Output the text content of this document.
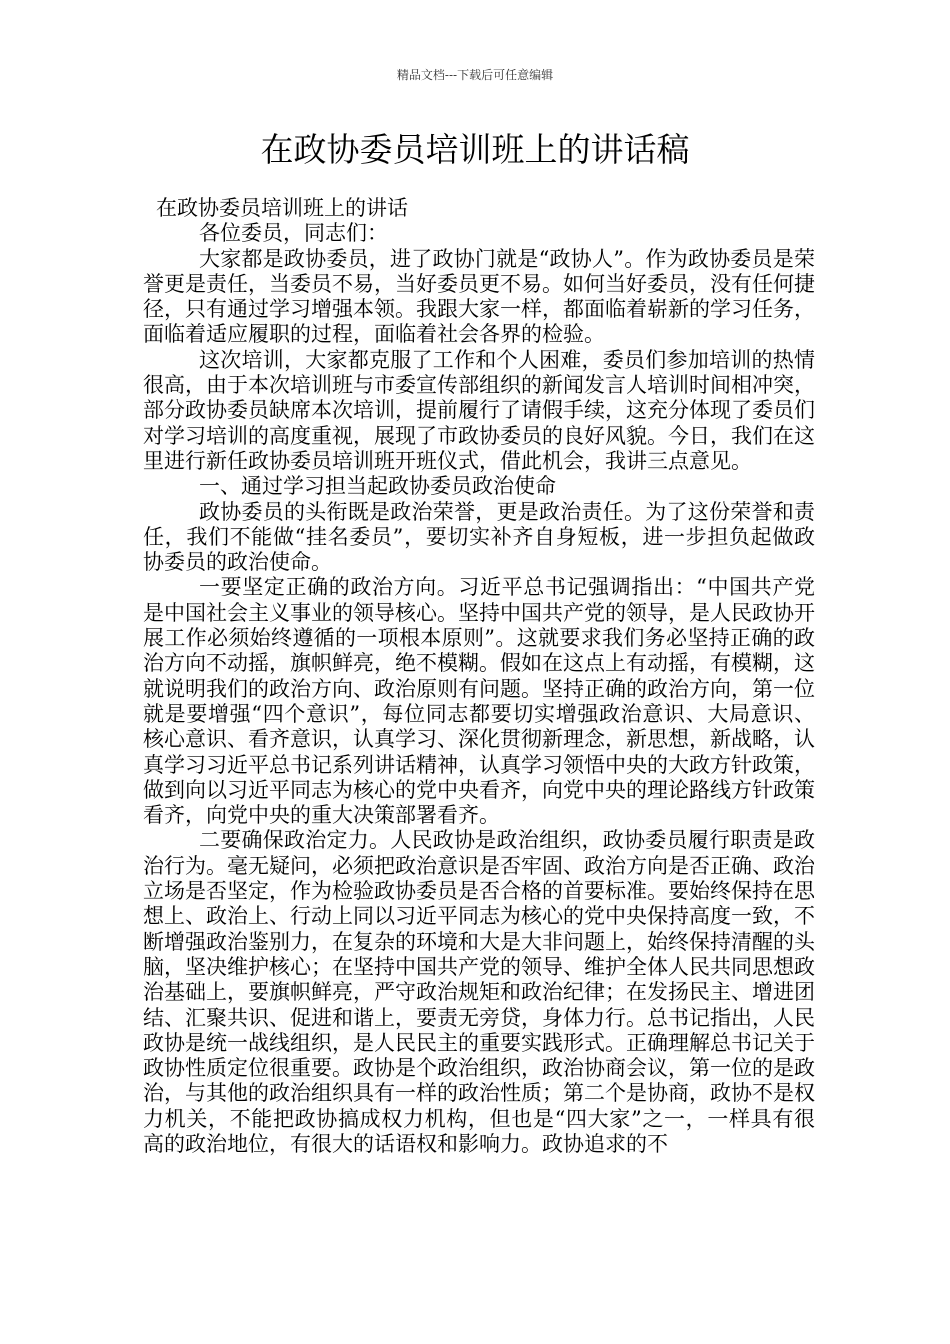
精品文档---下载后可任意编辑
在政协委员培训班上的讲话稿

在政协委员培训班上的讲话

各位委员，同志们：

大家都是政协委员，进了政协门就是“政协人”。作为政协委员是荣誉更是责任，当委员不易，当好委员更不易。如何当好委员，没有任何捷径，只有通过学习增强本领。我跟大家一样，都面临着崭新的学习任务，面临着适应履职的过程，面临着社会各界的检验。

这次培训，大家都克服了工作和个人困难，委员们参加培训的热情很高，由于本次培训班与市委宣传部组织的新闻发言人培训时间相冲突，部分政协委员缺席本次培训，提前履行了请假手续，这充分体现了委员们对学习培训的高度重视，展现了市政协委员的良好风貌。今日，我们在这里进行新任政协委员培训班开班仪式，借此机会，我讲三点意见。

一、通过学习担当起政协委员政治使命

政协委员的头衔既是政治荣誉，更是政治责任。为了这份荣誉和责任，我们不能做“挂名委员”，要切实补齐自身短板，进一步担负起做政协委员的政治使命。

一要坚定正确的政治方向。习近平总书记强调指出：“中国共产党是中国社会主义事业的领导核心。坚持中国共产党的领导，是人民政协开展工作必须始终遵循的一项根本原则”。这就要求我们务必坚持正确的政治方向不动摇，旗帜鲜亮，绝不模糊。假如在这点上有动摇，有模糊，这就说明我们的政治方向、政治原则有问题。坚持正确的政治方向，第一位就是要增强“四个意识”，每位同志都要切实增强政治意识、大局意识、核心意识、看齐意识，认真学习、深化贯彻新理念，新思想，新战略，认真学习习近平总书记系列讲话精神，认真学习领悟中央的大政方针政策，做到向以习近平同志为核心的党中央看齐，向党中央的理论路线方针政策看齐，向党中央的重大决策部署看齐。

二要确保政治定力。人民政协是政治组织，政协委员履行职责是政治行为。毫无疑问，必须把政治意识是否牢固、政治方向是否正确、政治立场是否坚定，作为检验政协委员是否合格的首要标准。要始终保持在思想上、政治上、行动上同以习近平同志为核心的党中央保持高度一致，不断增强政治鉴别力，在复杂的环境和大是大非问题上，始终保持清醒的头脑，坚决维护核心；在坚持中国共产党的领导、维护全体人民共同思想政治基础上，要旗帜鲜亮，严守政治规矩和政治纪律；在发扬民主、增进团结、汇聚共识、促进和谐上，要责无旁贷，身体力行。总书记指出，人民政协是统一战线组织，是人民民主的重要实践形式。正确理解总书记关于政协性质定位很重要。政协是个政治组织，政治协商会议，第一位的是政治，与其他的政治组织具有一样的政治性质；第二个是协商，政协不是权力机关，不能把政协搞成权力机构，但也是“四大家”之一，一样具有很高的政治地位，有很大的话语权和影响力。政协追求的不
